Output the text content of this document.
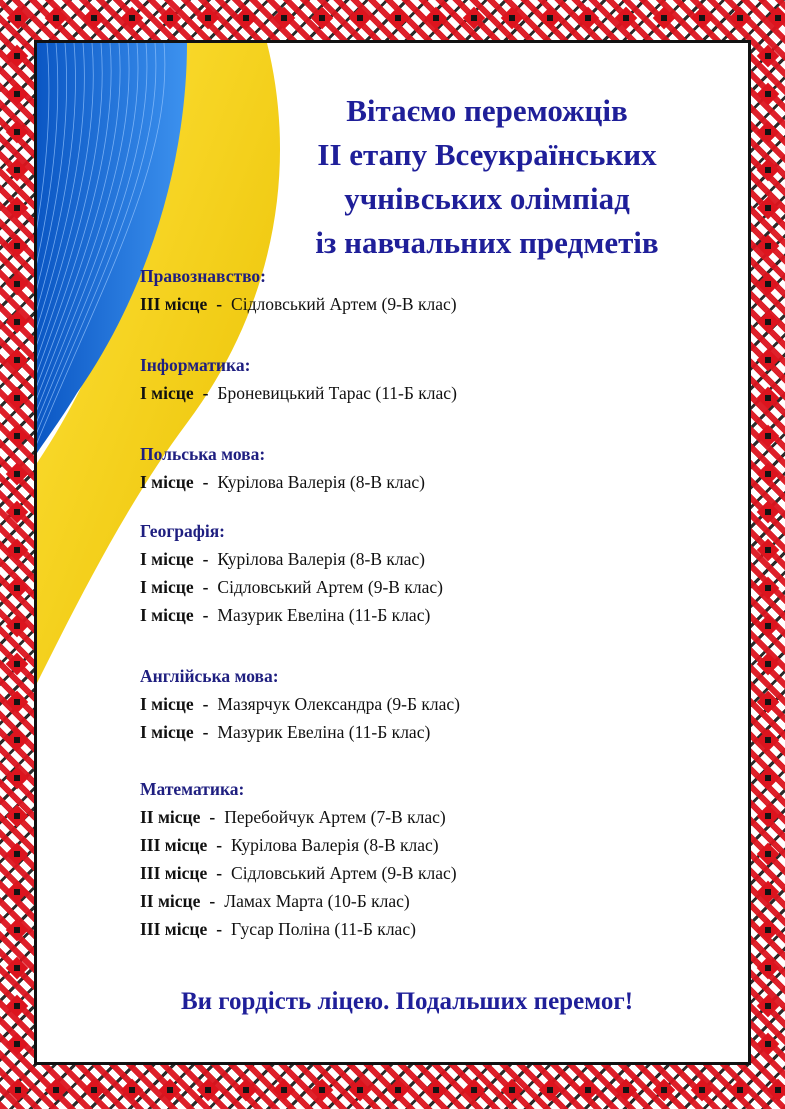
Вітаємо переможців
ІІ етапу Всеукраїнських
учнівських олімпіад
із навчальних предметів
Правознавство:
ІІІ місце - Сідловський Артем (9-В клас)
Інформатика:
І місце - Броневицький Тарас (11-Б клас)
Польська мова:
І місце - Курілова Валерія (8-В клас)
Географія:
І місце - Курілова Валерія (8-В клас)
І місце - Сідловський Артем (9-В клас)
І місце - Мазурик Евеліна (11-Б клас)
Англійська мова:
І місце - Мазярчук Олександра (9-Б клас)
І місце - Мазурик Евеліна (11-Б клас)
Математика:
ІІ місце - Перебойчук Артем (7-В клас)
ІІІ місце - Курілова Валерія (8-В клас)
ІІІ місце - Сідловський Артем (9-В клас)
ІІ місце - Ламах Марта (10-Б клас)
ІІІ місце - Гусар Поліна (11-Б клас)
Ви гордість ліцею. Подальших перемог!
